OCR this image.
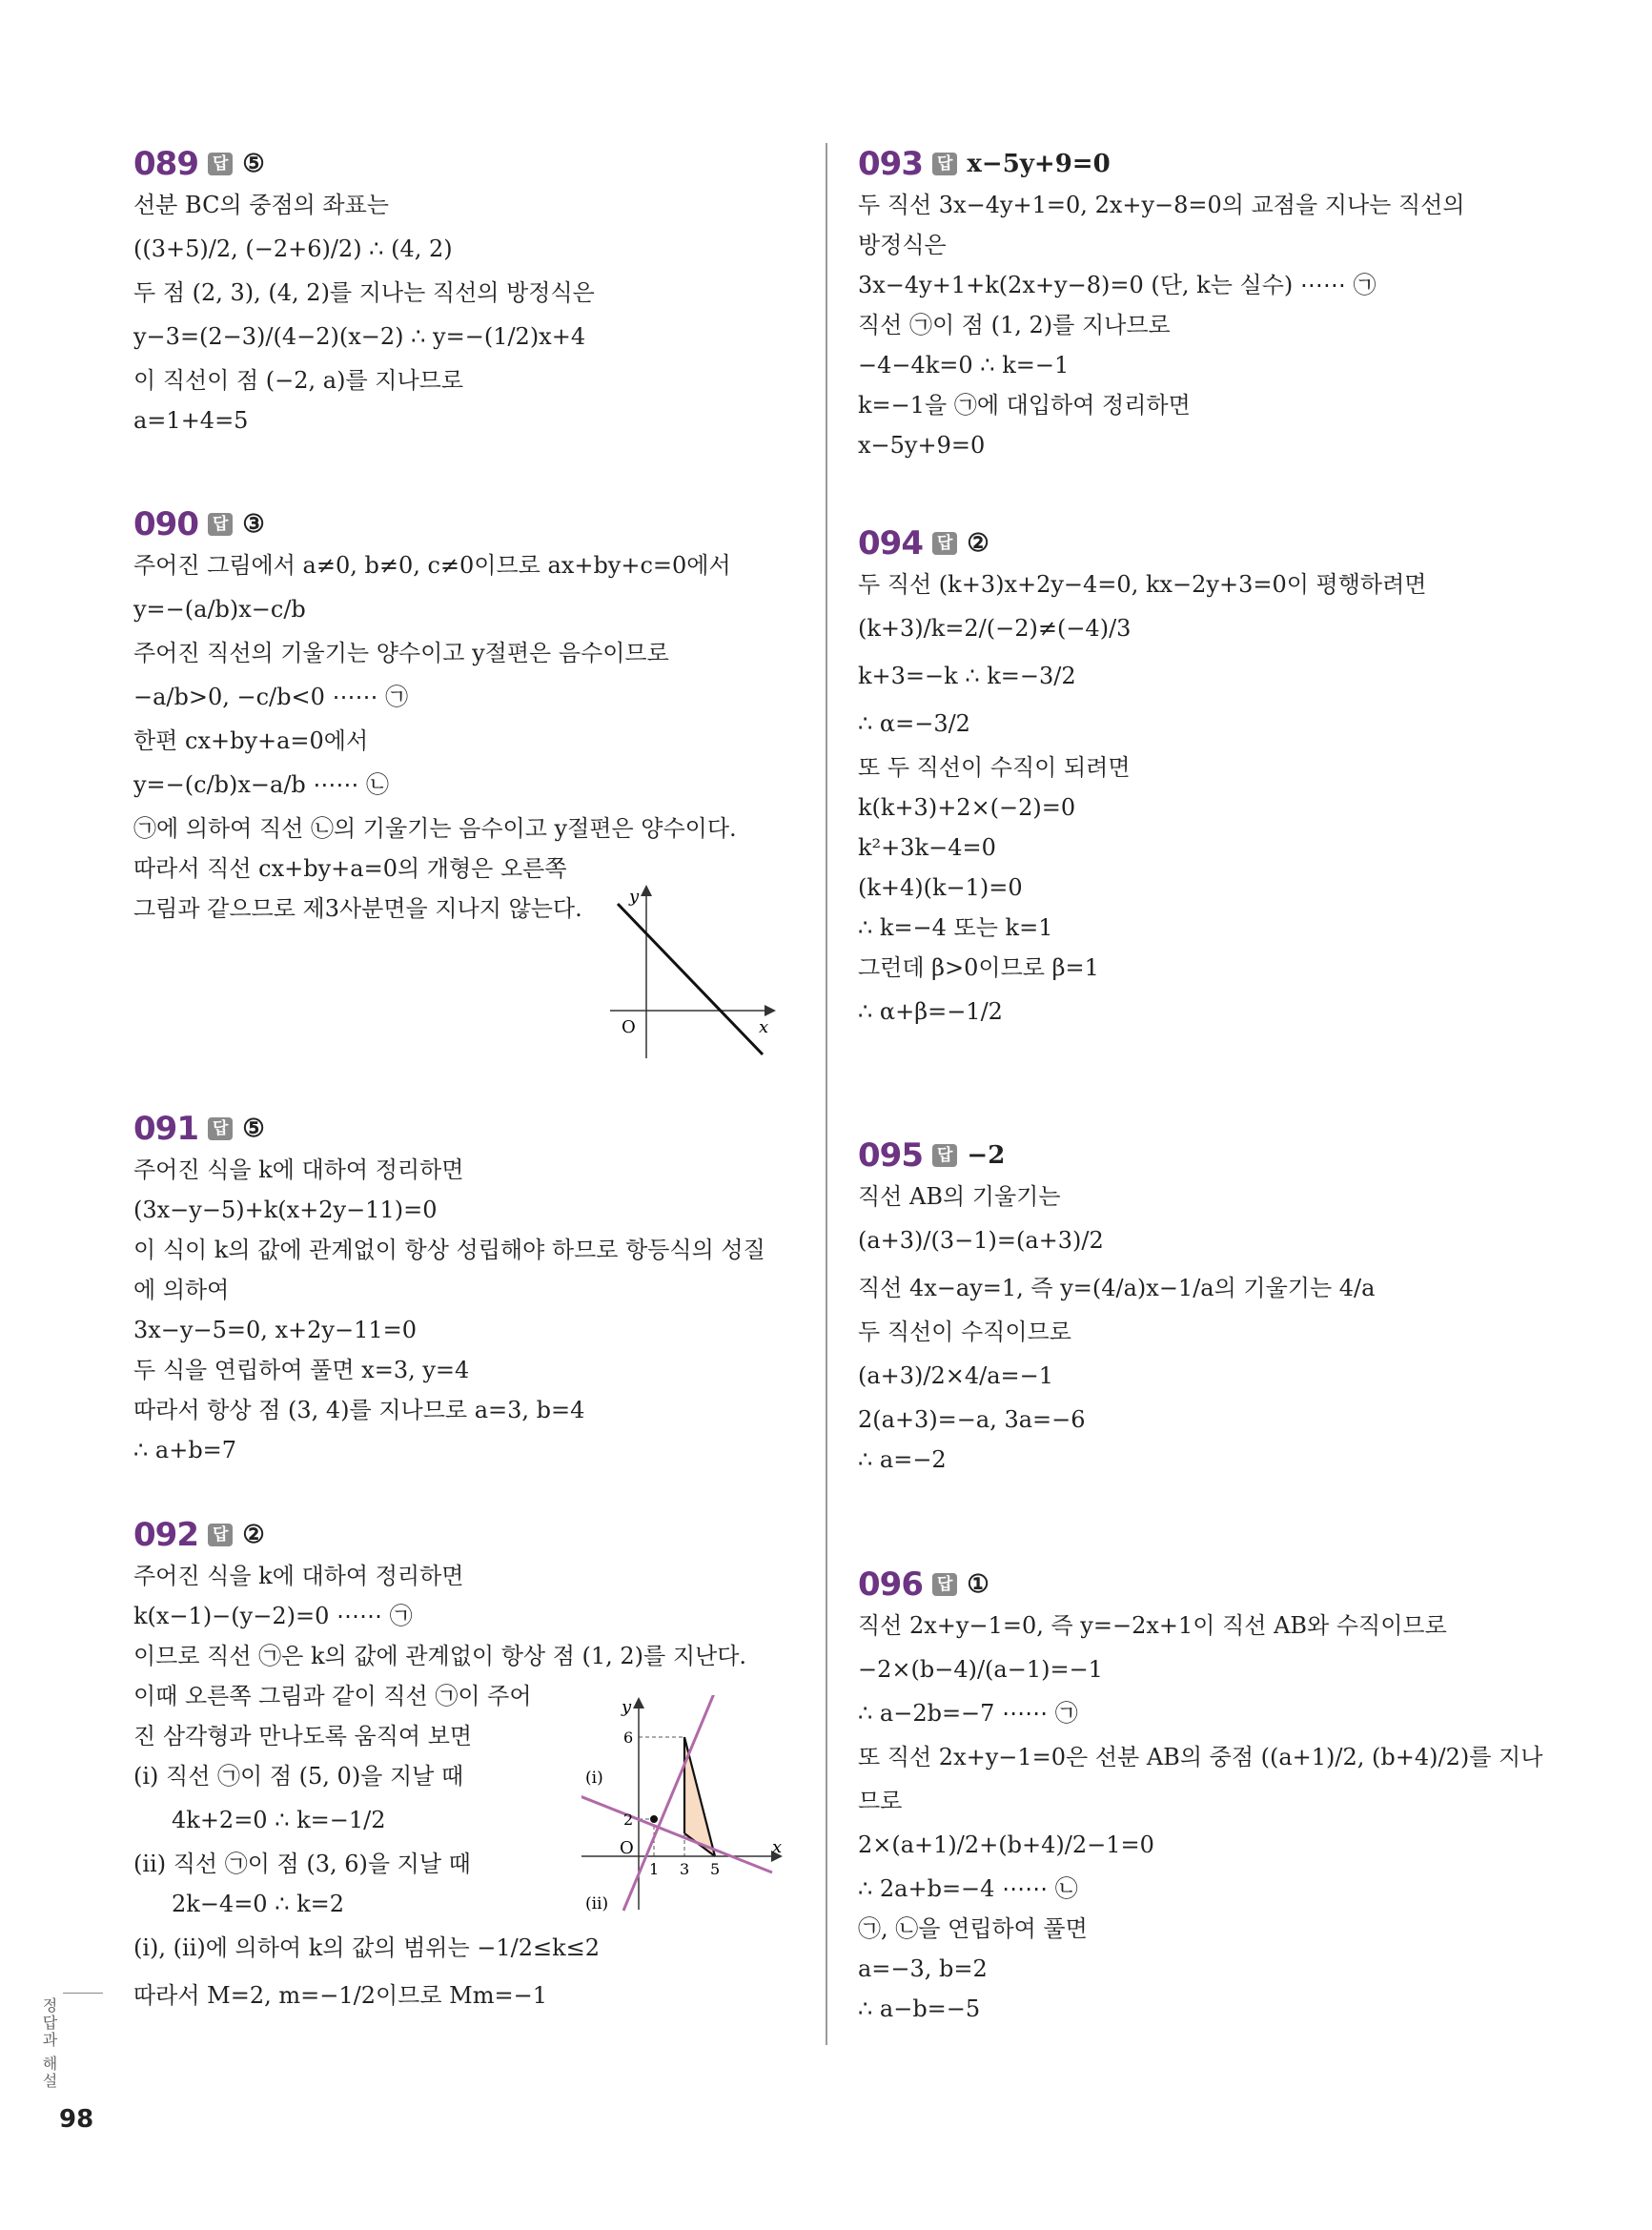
089 답 ⑤
선분 BC의 중점의 좌표는
((3+5)/2, (−2+6)/2) ∴ (4, 2)
두 점 (2, 3), (4, 2)를 지나는 직선의 방정식은
y−3=(2−3)/(4−2)(x−2) ∴ y=−(1/2)x+4
이 직선이 점 (−2, a)를 지나므로
a=1+4=5
090 답 ③
주어진 그림에서 a≠0, b≠0, c≠0이므로 ax+by+c=0에서
y=−(a/b)x−c/b
주어진 직선의 기울기는 양수이고 y절편은 음수이므로
−a/b>0, −c/b<0 ⋯⋯ ㉠
한편 cx+by+a=0에서
y=−(c/b)x−a/b ⋯⋯ ㉡
㉠에 의하여 직선 ㉡의 기울기는 음수이고 y절편은 양수이다.
따라서 직선 cx+by+a=0의 개형은 오른쪽
그림과 같으므로 제3사분면을 지나지 않는다.
x
y
O
091 답 ⑤
주어진 식을 k에 대하여 정리하면
(3x−y−5)+k(x+2y−11)=0
이 식이 k의 값에 관계없이 항상 성립해야 하므로 항등식의 성질
에 의하여
3x−y−5=0, x+2y−11=0
두 식을 연립하여 풀면 x=3, y=4
따라서 항상 점 (3, 4)를 지나므로 a=3, b=4
∴ a+b=7
092 답 ②
주어진 식을 k에 대하여 정리하면
k(x−1)−(y−2)=0 ⋯⋯ ㉠
이므로 직선 ㉠은 k의 값에 관계없이 항상 점 (1, 2)를 지난다.
이때 오른쪽 그림과 같이 직선 ㉠이 주어
진 삼각형과 만나도록 움직여 보면
(ⅰ) 직선 ㉠이 점 (5, 0)을 지날 때
4k+2=0 ∴ k=−1/2
(ⅱ) 직선 ㉠이 점 (3, 6)을 지날 때
2k−4=0 ∴ k=2
(ⅰ), (ⅱ)에 의하여 k의 값의 범위는 −1/2≤k≤2
따라서 M=2, m=−1/2이므로 Mm=−1
(ⅰ)
(ⅱ)
x
y
O
6
2
1 3 5
093 답 x−5y+9=0
두 직선 3x−4y+1=0, 2x+y−8=0의 교점을 지나는 직선의
방정식은
3x−4y+1+k(2x+y−8)=0 (단, k는 실수) ⋯⋯ ㉠
직선 ㉠이 점 (1, 2)를 지나므로
−4−4k=0 ∴ k=−1
k=−1을 ㉠에 대입하여 정리하면
x−5y+9=0
094 답 ②
두 직선 (k+3)x+2y−4=0, kx−2y+3=0이 평행하려면
(k+3)/k=2/(−2)≠(−4)/3
k+3=−k ∴ k=−3/2
∴ α=−3/2
또 두 직선이 수직이 되려면
k(k+3)+2×(−2)=0
k²+3k−4=0
(k+4)(k−1)=0
∴ k=−4 또는 k=1
그런데 β>0이므로 β=1
∴ α+β=−1/2
095 답 −2
직선 AB의 기울기는
(a+3)/(3−1)=(a+3)/2
직선 4x−ay=1, 즉 y=(4/a)x−1/a의 기울기는 4/a
두 직선이 수직이므로
(a+3)/2×4/a=−1
2(a+3)=−a, 3a=−6
∴ a=−2
096 답 ①
직선 2x+y−1=0, 즉 y=−2x+1이 직선 AB와 수직이므로
−2×(b−4)/(a−1)=−1
∴ a−2b=−7 ⋯⋯ ㉠
또 직선 2x+y−1=0은 선분 AB의 중점 ((a+1)/2, (b+4)/2)를 지나
므로
2×(a+1)/2+(b+4)/2−1=0
∴ 2a+b=−4 ⋯⋯ ㉡
㉠, ㉡을 연립하여 풀면
a=−3, b=2
∴ a−b=−5
정답과 해설
98
